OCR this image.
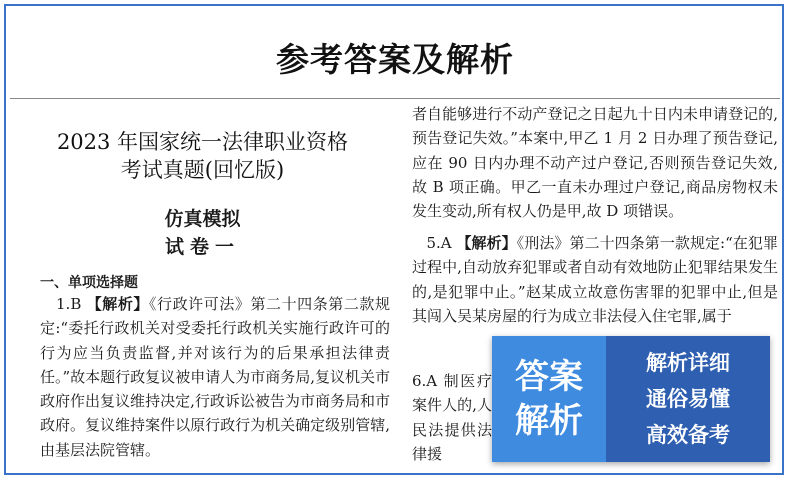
参考答案及解析
2023 年国家统一法律职业资格
考试真题(回忆版)
仿真模拟
试卷一
一、单项选择题
1.B 【解析】《行政许可法》第二十四条第二款规定:“委托行政机关对受委托行政机关实施行政许可的行为应当负责监督,并对该行为的后果承担法律责任。”故本题行政复议被申请人为市商务局,复议机关市政府作出复议维持决定,行政诉讼被告为市商务局和市政府。复议维持案件以原行政行为机关确定级别管辖,由基层法院管辖。
者自能够进行不动产登记之日起九十日内未申请登记的,预告登记失效。”本案中,甲乙 1 月 2 日办理了预告登记,应在 90 日内办理不动产过户登记,否则预告登记失效,故 B 项正确。甲乙一直未办理过户登记,商品房物权未发生变动,所有权人仍是甲,故 D 项错误。
5.A 【解析】《刑法》第二十四条第一款规定:“在犯罪过程中,自动放弃犯罪或者自动有效地防止犯罪结果发生的,是犯罪中止。”赵某成立故意伤害罪的犯罪中止,但是其闯入吴某房屋的行为成立非法侵入住宅罪,属于
6.A 制医疗案件人的,人民法提供法律援
答案
解析
解析详细
通俗易懂
高效备考
